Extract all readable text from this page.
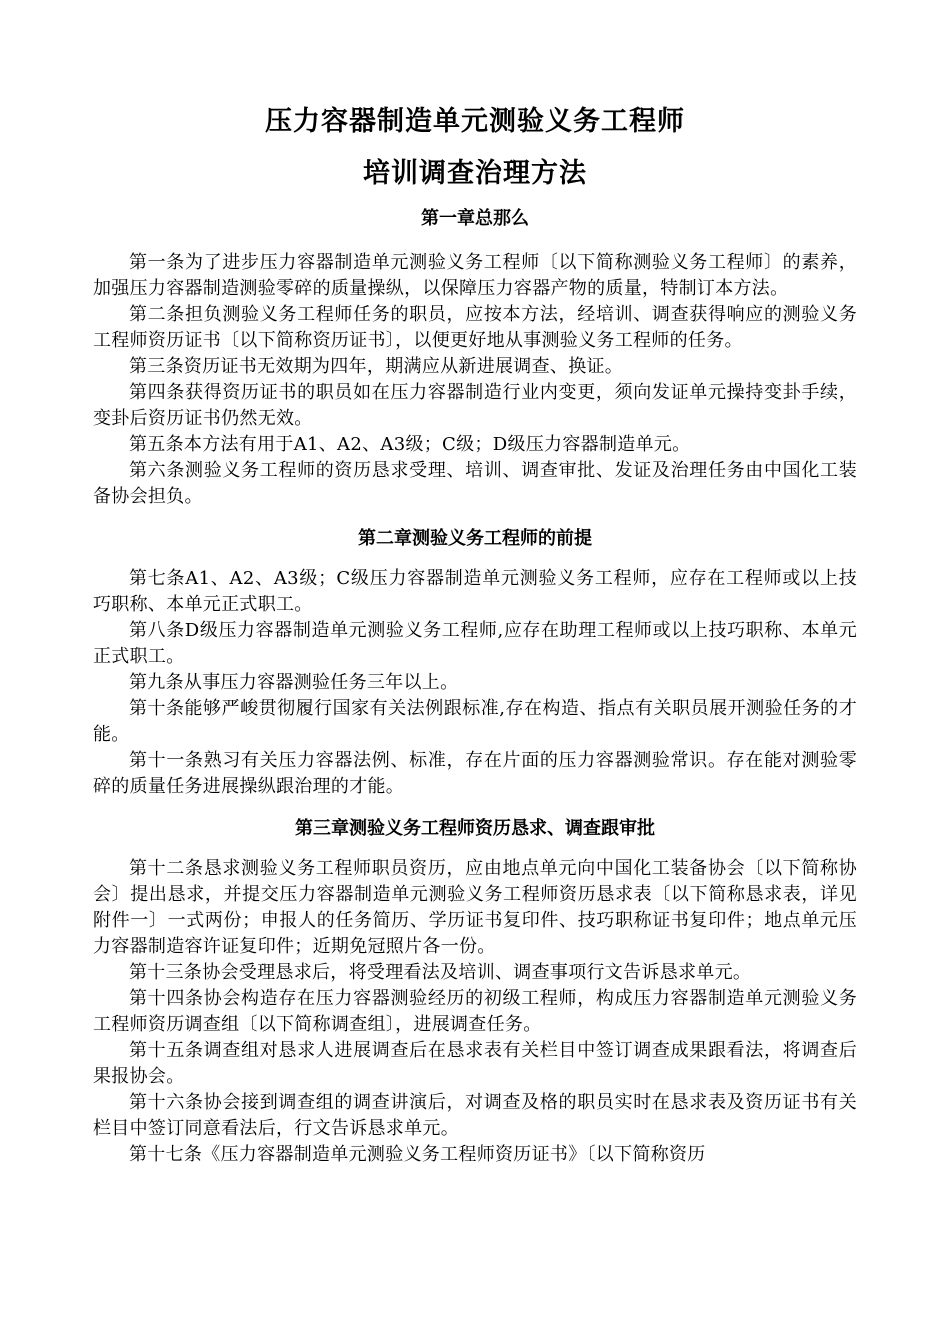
压力容器制造单元测验义务工程师
培训调查治理方法
第一章总那么

第一条为了进步压力容器制造单元测验义务工程师〔以下简称测验义务工程师〕的素养，加强压力容器制造测验零碎的质量操纵，以保障压力容器产物的质量，特制订本方法。

第二条担负测验义务工程师任务的职员，应按本方法，经培训、调查获得响应的测验义务工程师资历证书〔以下简称资历证书〕，以便更好地从事测验义务工程师的任务。

第三条资历证书无效期为四年，期满应从新进展调查、换证。

第四条获得资历证书的职员如在压力容器制造行业内变更，须向发证单元操持变卦手续，变卦后资历证书仍然无效。

第五条本方法有用于A1、A2、A3级；C级；D级压力容器制造单元。

第六条测验义务工程师的资历恳求受理、培训、调查审批、发证及治理任务由中国化工装备协会担负。

第二章测验义务工程师的前提

第七条A1、A2、A3级；C级压力容器制造单元测验义务工程师，应存在工程师或以上技巧职称、本单元正式职工。

第八条D级压力容器制造单元测验义务工程师,应存在助理工程师或以上技巧职称、本单元正式职工。

第九条从事压力容器测验任务三年以上。

第十条能够严峻贯彻履行国家有关法例跟标准,存在构造、指点有关职员展开测验任务的才能。

第十一条熟习有关压力容器法例、标准，存在片面的压力容器测验常识。存在能对测验零碎的质量任务进展操纵跟治理的才能。

第三章测验义务工程师资历恳求、调查跟审批

第十二条恳求测验义务工程师职员资历，应由地点单元向中国化工装备协会〔以下简称协会〕提出恳求，并提交压力容器制造单元测验义务工程师资历恳求表〔以下简称恳求表，详见附件一〕一式两份；申报人的任务简历、学历证书复印件、技巧职称证书复印件；地点单元压力容器制造容许证复印件；近期免冠照片各一份。

第十三条协会受理恳求后，将受理看法及培训、调查事项行文告诉恳求单元。

第十四条协会构造存在压力容器测验经历的初级工程师，构成压力容器制造单元测验义务工程师资历调查组〔以下简称调查组〕，进展调查任务。

第十五条调查组对恳求人进展调查后在恳求表有关栏目中签订调查成果跟看法，将调查后果报协会。

第十六条协会接到调查组的调查讲演后，对调查及格的职员实时在恳求表及资历证书有关栏目中签订同意看法后，行文告诉恳求单元。

第十七条《压力容器制造单元测验义务工程师资历证书》〔以下简称资历
